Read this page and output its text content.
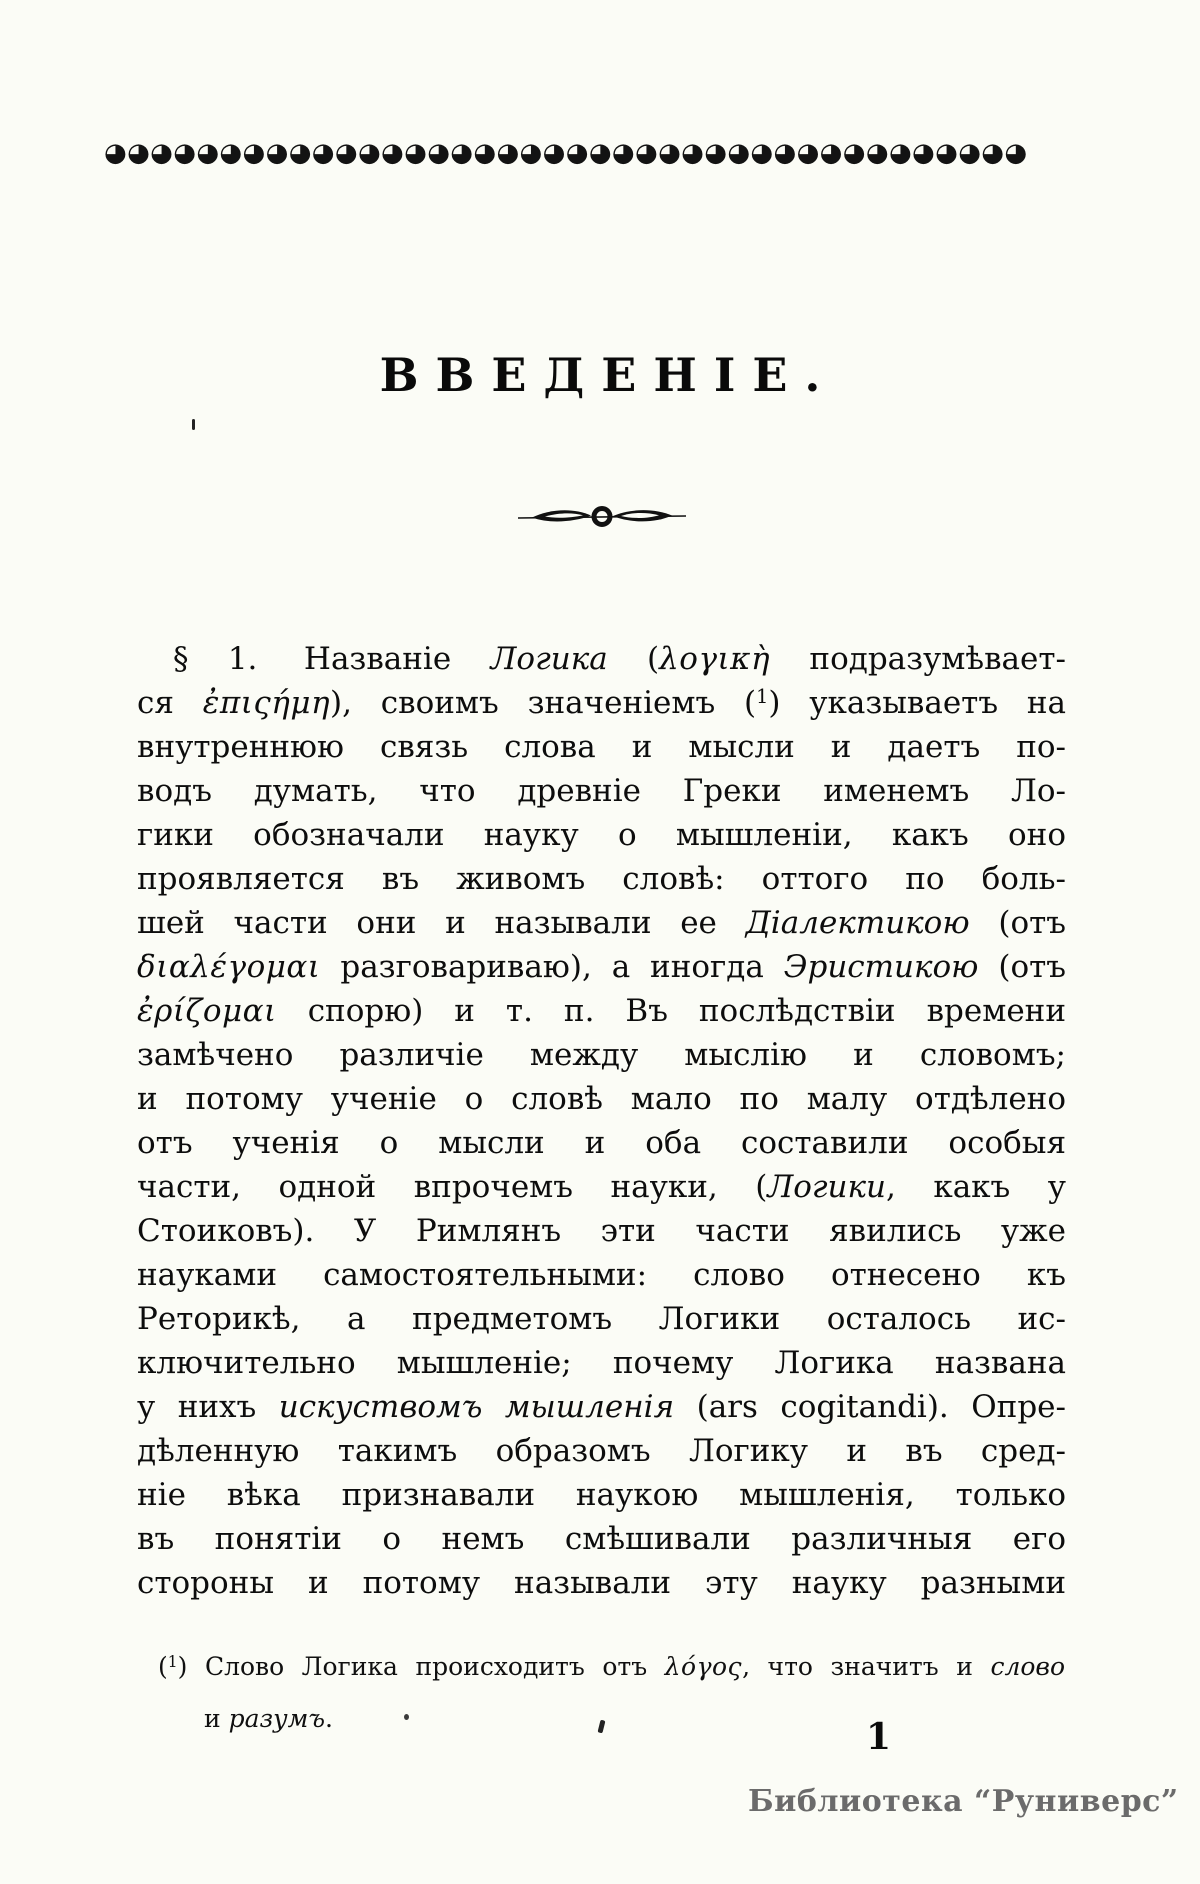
◕◕◕◕◕◕◕◕◕◕◕◕◕◕◕◕◕◕◕◕◕◕◕◕◕◕◕◕◕◕◕◕◕◕◕◕◕◕◕◕
ВВЕДЕНІЕ.
§ 1.  Названіе Логика (λογικὴ подразумѣвает-
ся ἐπιςήμη), своимъ значеніемъ ($^1$) указываетъ на
внутреннюю связь слова и мысли и даетъ по-
водъ думать, что древніе Греки именемъ Ло-
гики обозначали науку о мышленіи, какъ оно
проявляется въ живомъ словѣ: оттого по боль-
шей части они и называли ее Діалектикою (отъ
διαλέγομαι разговариваю), а иногда Эристикою (отъ
ἐρίζομαι спорю) и т. п. Въ послѣдствіи времени
замѣчено различіе между мыслію и словомъ;
и потому ученіе о словѣ мало по малу отдѣлено
отъ ученія о мысли и оба составили особыя
части, одной впрочемъ науки, (Логики, какъ у
Стоиковъ). У Римлянъ эти части явились уже
науками самостоятельными: слово отнесено къ
Реторикѣ, а предметомъ Логики осталось ис-
ключительно мышленіе; почему Логика названа
у нихъ искуствомъ мышленія (ars cogitandi). Опре-
дѣленную такимъ образомъ Логику и въ сред-
ніе вѣка признавали наукою мышленія, только
въ понятіи о немъ смѣшивали различныя его
стороны и потому называли эту науку разными
($^1$) Слово Логика происходитъ отъ λόγος, что значитъ и слово
и разумъ.	1
Библиотека “Руниверс”
